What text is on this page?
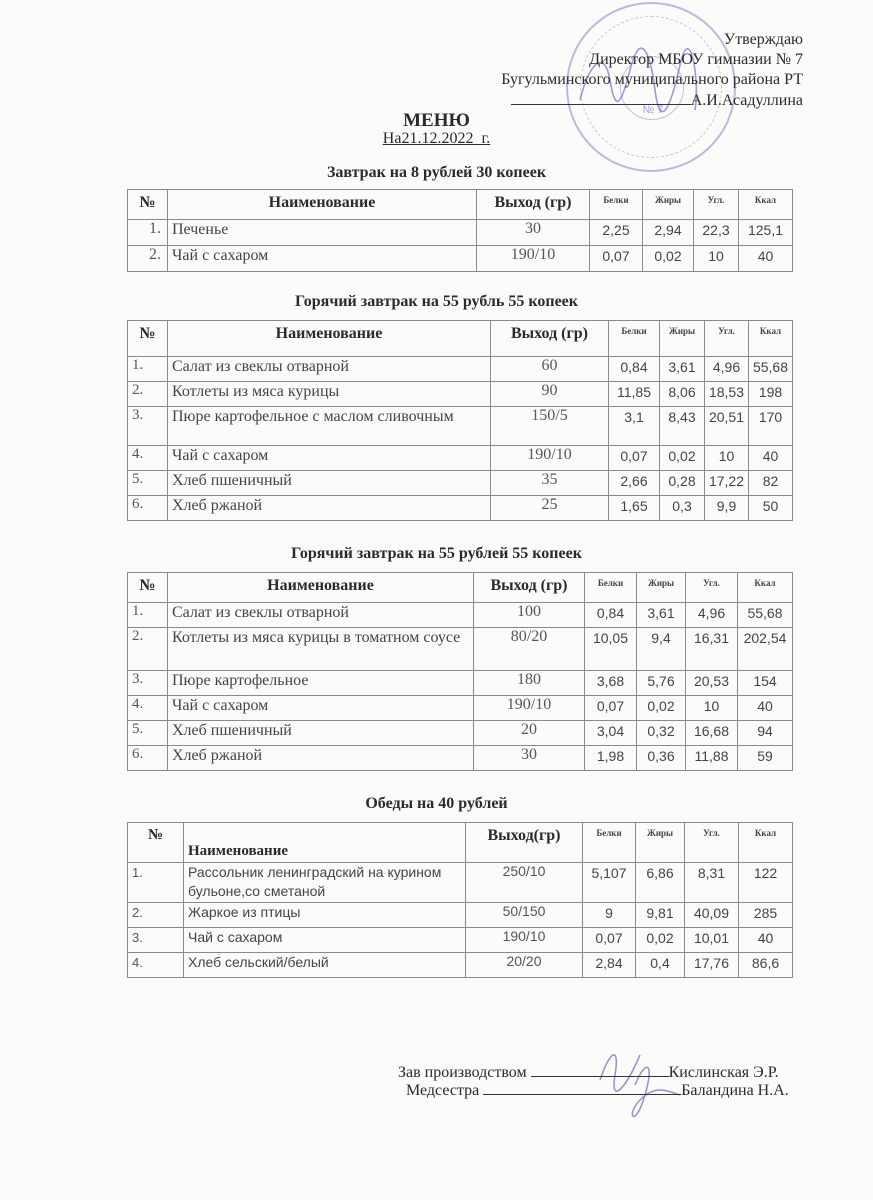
№ 7
Утверждаю
Директор МБОУ гимназии № 7
Бугульминского муниципального района РТ
А.И.Асадуллина
МЕНЮ
На21.12.2022_г.
Завтрак на 8 рублей 30 копеек
№	Наименование	Выход (гр)	Белки	Жиры	Угл.	Ккал
1.	Печенье	30	2,25	2,94	22,3	125,1
2.	Чай с сахаром	190/10	0,07	0,02	10	40
Горячий завтрак на 55 рубль 55 копеек
№	Наименование	Выход (гр)	Белки	Жиры	Угл.	Ккал
1.	Салат из свеклы отварной	60	0,84	3,61	4,96	55,68
2.	Котлеты из мяса курицы	90	11,85	8,06	18,53	198
3.	Пюре картофельное с маслом сливочным	150/5	3,1	8,43	20,51	170
4.	Чай с сахаром	190/10	0,07	0,02	10	40
5.	Хлеб пшеничный	35	2,66	0,28	17,22	82
6.	Хлеб ржаной	25	1,65	0,3	9,9	50
Горячий завтрак на 55 рублей 55 копеек
№	Наименование	Выход (гр)	Белки	Жиры	Угл.	Ккал
1.	Салат из свеклы отварной	100	0,84	3,61	4,96	55,68
2.	Котлеты из мяса курицы в томатном соусе	80/20	10,05	9,4	16,31	202,54
3.	Пюре картофельное	180	3,68	5,76	20,53	154
4.	Чай с сахаром	190/10	0,07	0,02	10	40
5.	Хлеб пшеничный	20	3,04	0,32	16,68	94
6.	Хлеб ржаной	30	1,98	0,36	11,88	59
Обеды на 40 рублей
№	Наименование	Выход(гр)	Белки	Жиры	Угл.	Ккал
1.	Рассольник ленинградский на курином бульоне,со сметаной	250/10	5,107	6,86	8,31	122
2.	Жаркое из птицы	50/150	9	9,81	40,09	285
3.	Чай с сахаром	190/10	0,07	0,02	10,01	40
4.	Хлеб сельский/белый	20/20	2,84	0,4	17,76	86,6
Зав производством	Кислинская Э.Р.
Медсестра	Баландина Н.А.
